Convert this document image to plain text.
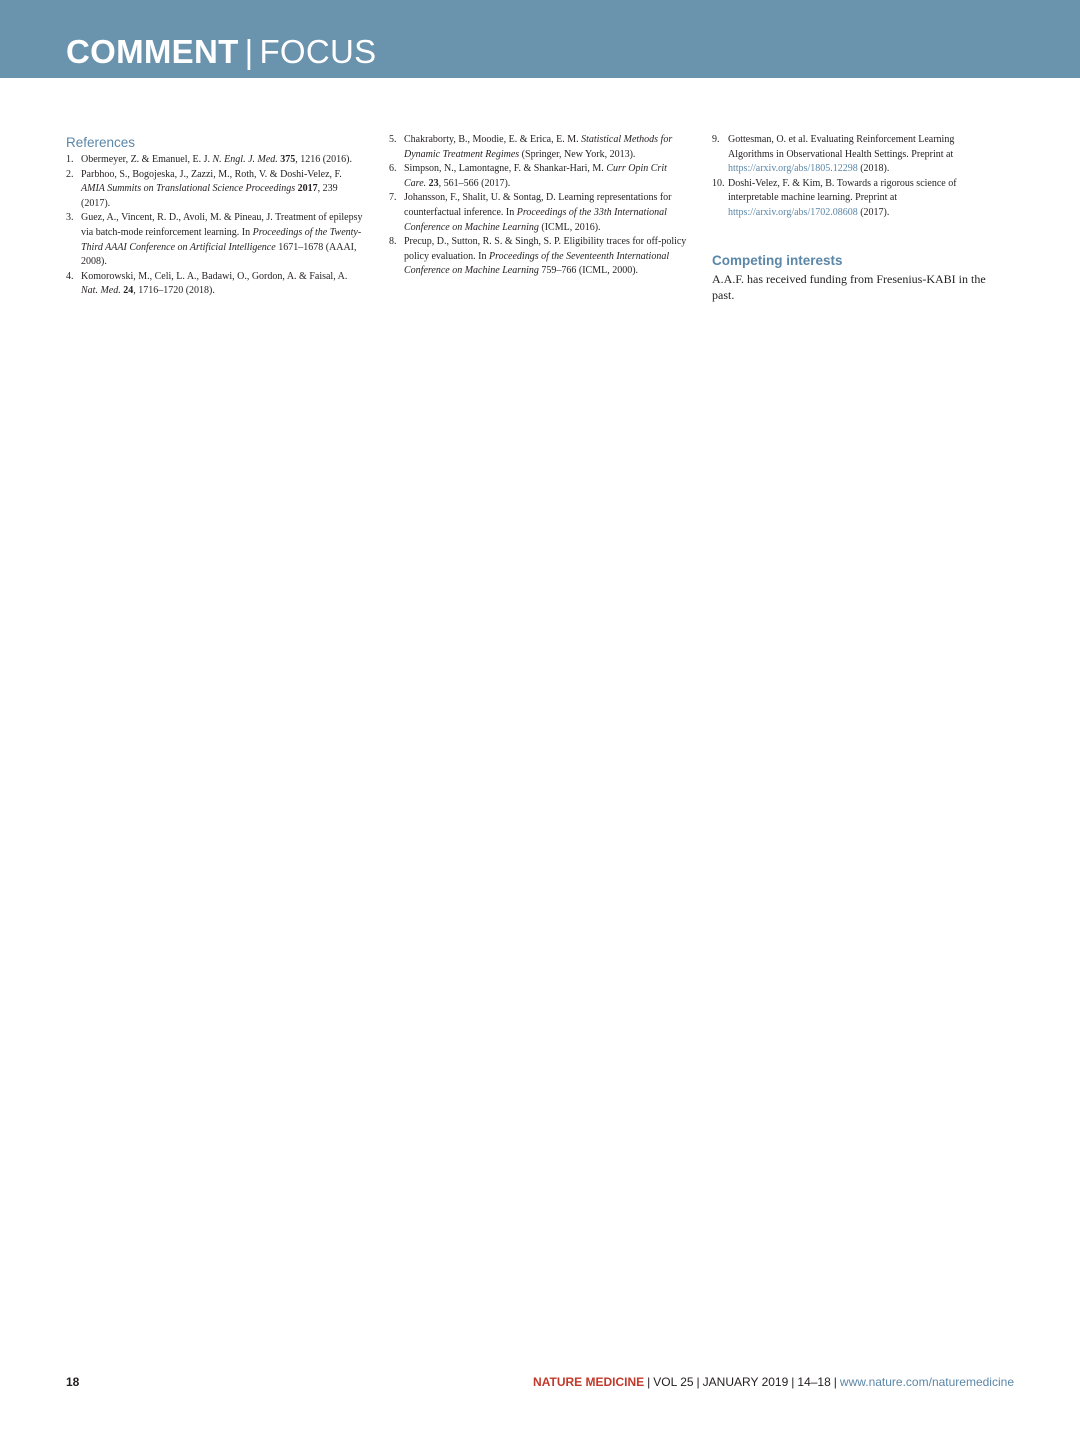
COMMENT | FOCUS
References
1. Obermeyer, Z. & Emanuel, E. J. N. Engl. J. Med. 375, 1216 (2016).
2. Parbhoo, S., Bogojeska, J., Zazzi, M., Roth, V. & Doshi-Velez, F. AMIA Summits on Translational Science Proceedings 2017, 239 (2017).
3. Guez, A., Vincent, R. D., Avoli, M. & Pineau, J. Treatment of epilepsy via batch-mode reinforcement learning. In Proceedings of the Twenty-Third AAAI Conference on Artificial Intelligence 1671–1678 (AAAI, 2008).
4. Komorowski, M., Celi, L. A., Badawi, O., Gordon, A. & Faisal, A. Nat. Med. 24, 1716–1720 (2018).
5. Chakraborty, B., Moodie, E. & Erica, E. M. Statistical Methods for Dynamic Treatment Regimes (Springer, New York, 2013).
6. Simpson, N., Lamontagne, F. & Shankar-Hari, M. Curr Opin Crit Care. 23, 561–566 (2017).
7. Johansson, F., Shalit, U. & Sontag, D. Learning representations for counterfactual inference. In Proceedings of the 33th International Conference on Machine Learning (ICML, 2016).
8. Precup, D., Sutton, R. S. & Singh, S. P. Eligibility traces for off-policy policy evaluation. In Proceedings of the Seventeenth International Conference on Machine Learning 759–766 (ICML, 2000).
9. Gottesman, O. et al. Evaluating Reinforcement Learning Algorithms in Observational Health Settings. Preprint at https://arxiv.org/abs/1805.12298 (2018).
10. Doshi-Velez, F. & Kim, B. Towards a rigorous science of interpretable machine learning. Preprint at https://arxiv.org/abs/1702.08608 (2017).
Competing interests

A.A.F. has received funding from Fresenius-KABI in the past.

18	NATURE MEDICINE | VOL 25 | JANUARY 2019 | 14–18 | www.nature.com/naturemedicine
